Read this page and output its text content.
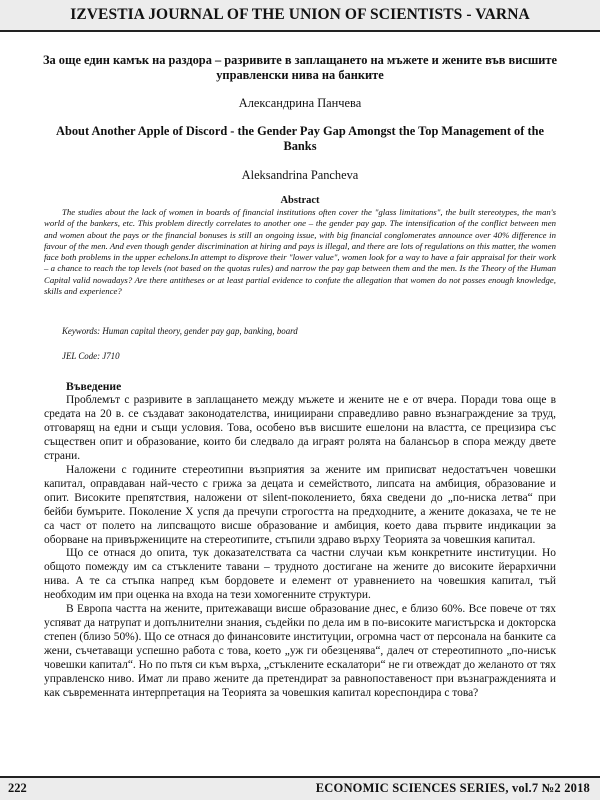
IZVESTIA JOURNAL OF THE UNION OF SCIENTISTS - VARNA
За още един камък на раздора – разривите в заплащането на мъжете и жените във висшите управленски нива на банките
Александрина Панчева
About Another Apple of Discord - the Gender Pay Gap Amongst the Top Management of the Banks
Aleksandrina Pancheva
Abstract
The studies about the lack of women in boards of financial institutions often cover the "glass limitations", the built stereotypes, the man's world of the bankers, etc. This problem directly correlates to another one – the gender pay gap. The intensification of the conflict between men and women about the pays or the financial bonuses is still an ongoing issue, with big financial conglomerates announce over 40% difference in favour of the men. And even though gender discrimination at hiring and pays is illegal, and there are lots of regulations on this matter, the women face both problems in the upper echelons.In attempt to disprove their "lower value", women look for a way to have a fair appraisal for their work – a chance to reach the top levels (not based on the quotas rules) and narrow the pay gap between them and the men. Is the Theory of the Human Capital valid nowadays? Are there antitheses or at least partial evidence to confute the allegation that women do not posses enough knowledge, skills and experience?
Keywords: Human capital theory, gender pay gap, banking, board
JEL Code: J710
Въведение

Проблемът с разривите в заплащането между мъжете и жените не е от вчера. Поради това още в средата на 20 в. се създават законодателства, инициирани справедливо равно възнаграждение за труд, отговарящ на едни и същи условия. Това, особено във висшите ешелони на властта, се прецизира със съществен опит и образование, които би следвало да играят ролята на балансьор в спора между двете страни.

Наложени с годините стереотипни възприятия за жените им приписват недостатъчен човешки капитал, оправдаван най-често с грижа за децата и семейството, липсата на амбиция, образование и опит. Високите препятствия, наложени от silent-поколението, бяха сведени до „по-ниска летва“ при бейби бумърите. Поколение Х успя да пречупи строгостта на предходните, а жените доказаха, че те не са част от полето на липсващото висше образование и амбиция, което дава първите индикации за оборване на привържениците на стереотипите, стъпили здраво върху Теорията за човешкия капитал.

Що се отнася до опита, тук доказателствата са частни случаи към конкретните институции. Но общото помежду им са стъклените тавани – трудното достигане на жените до високите йерархични нива. А те са стъпка напред към бордовете и елемент от уравнението на човешкия капитал, тъй необходим им при оценка на входа на тези хомогенните структури.

В Европа частта на жените, притежаващи висше образование днес, е близо 60%. Все повече от тях успяват да натрупат и допълнителни знания, съдейки по дела им в по-високите магистърска и докторска степен (близо 50%). Що се отнася до финансовите институции, огромна част от персонала на банките са жени, съчетаващи успешно работа с това, което „уж ги обезценява“, далеч от стереотипното „по-нисък човешки капитал“. Но по пътя си към върха, „стъклените ескалатори“ не ги отвеждат до желаното от тях управленско ниво. Имат ли право жените да претендират за равнопоставеност при възнагражденията и как съвременната интерпретация на Теорията за човешкия капитал кореспондира с това?

222	ECONOMIC SCIENCES SERIES, vol.7 №2 2018
